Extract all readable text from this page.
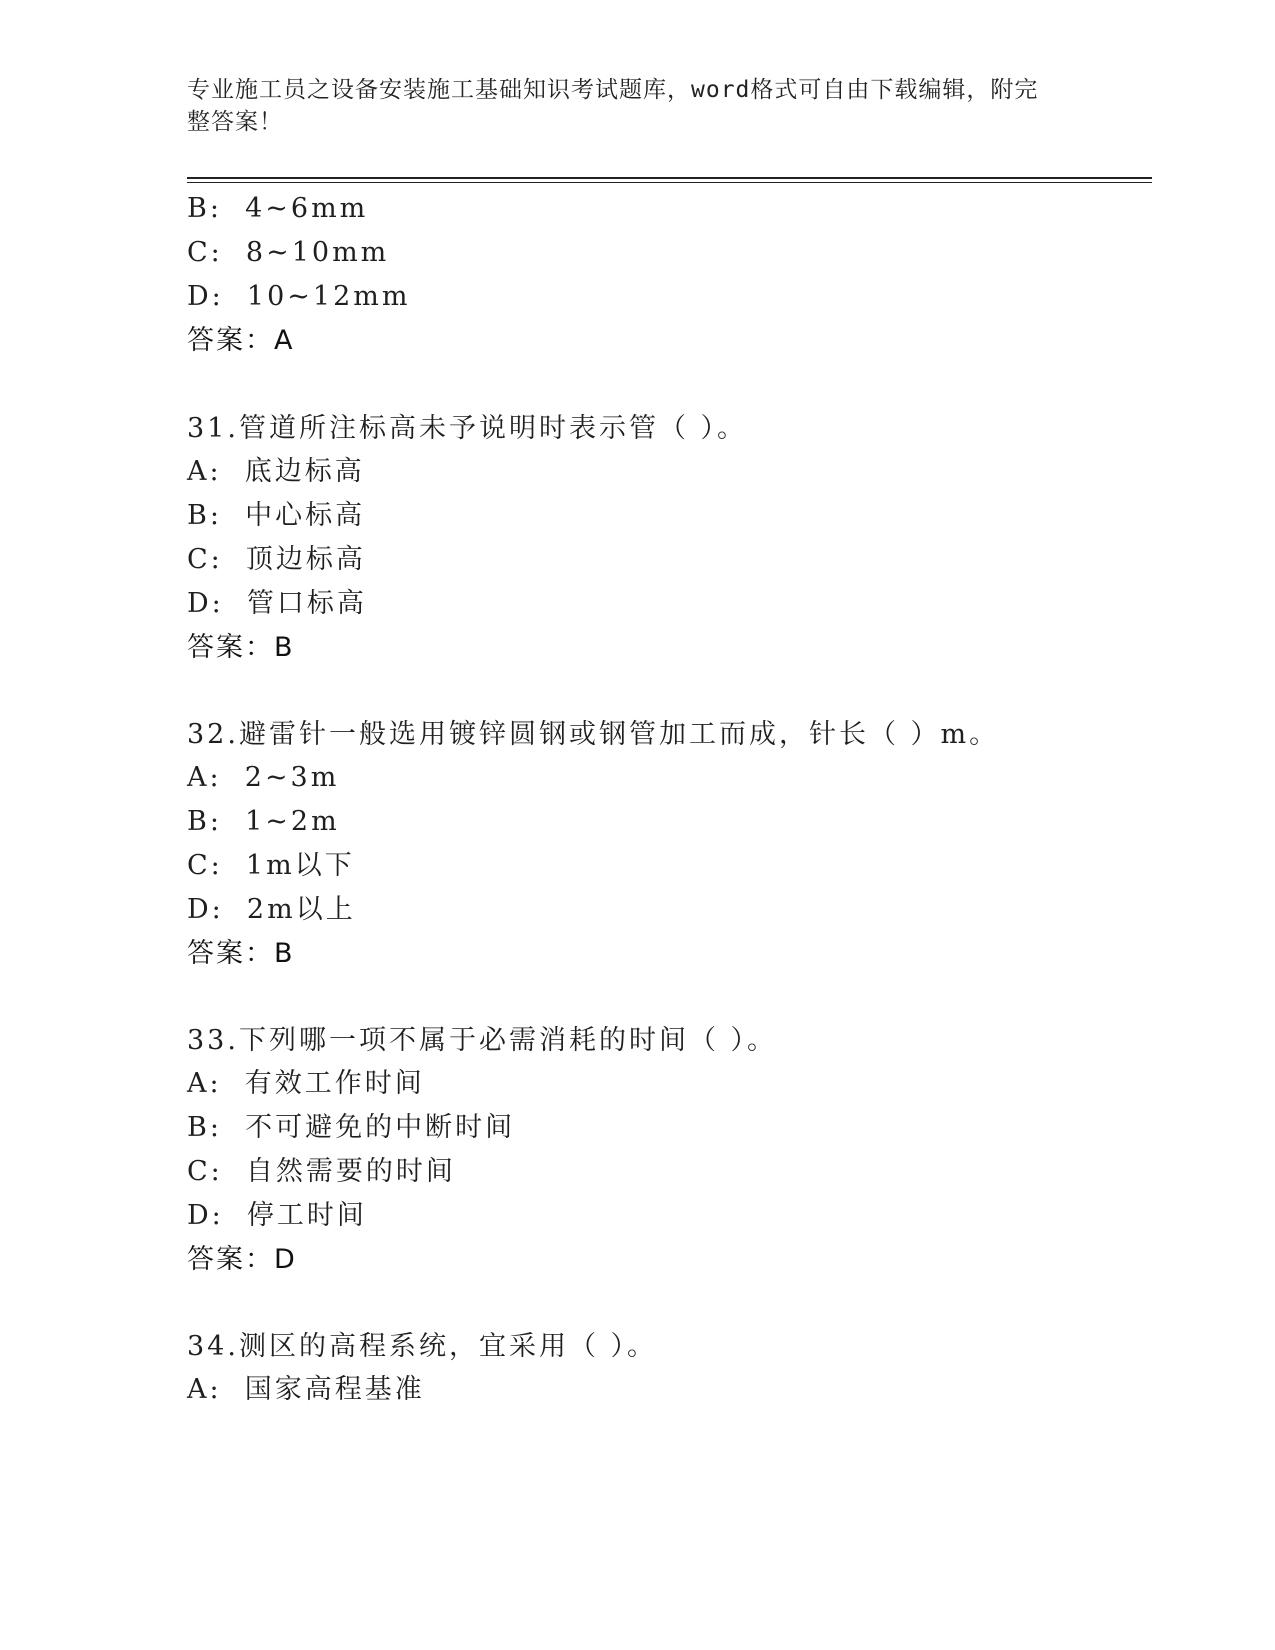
专业施工员之设备安装施工基础知识考试题库，word格式可自由下载编辑，附完
整答案！
B:  4~6mm
C:  8~10mm
D:  10~12mm
答案：A
31.管道所注标高未予说明时表示管（ ）。
A:  底边标高
B:  中心标高
C:  顶边标高
D:  管口标高
答案：B
32.避雷针一般选用镀锌圆钢或钢管加工而成，针长（ ）m。
A:  2~3m
B:  1~2m
C:  1m以下
D:  2m以上
答案：B
33.下列哪一项不属于必需消耗的时间（ ）。
A:  有效工作时间
B:  不可避免的中断时间
C:  自然需要的时间
D:  停工时间
答案：D
34.测区的高程系统，宜采用（ ）。
A:  国家高程基准
